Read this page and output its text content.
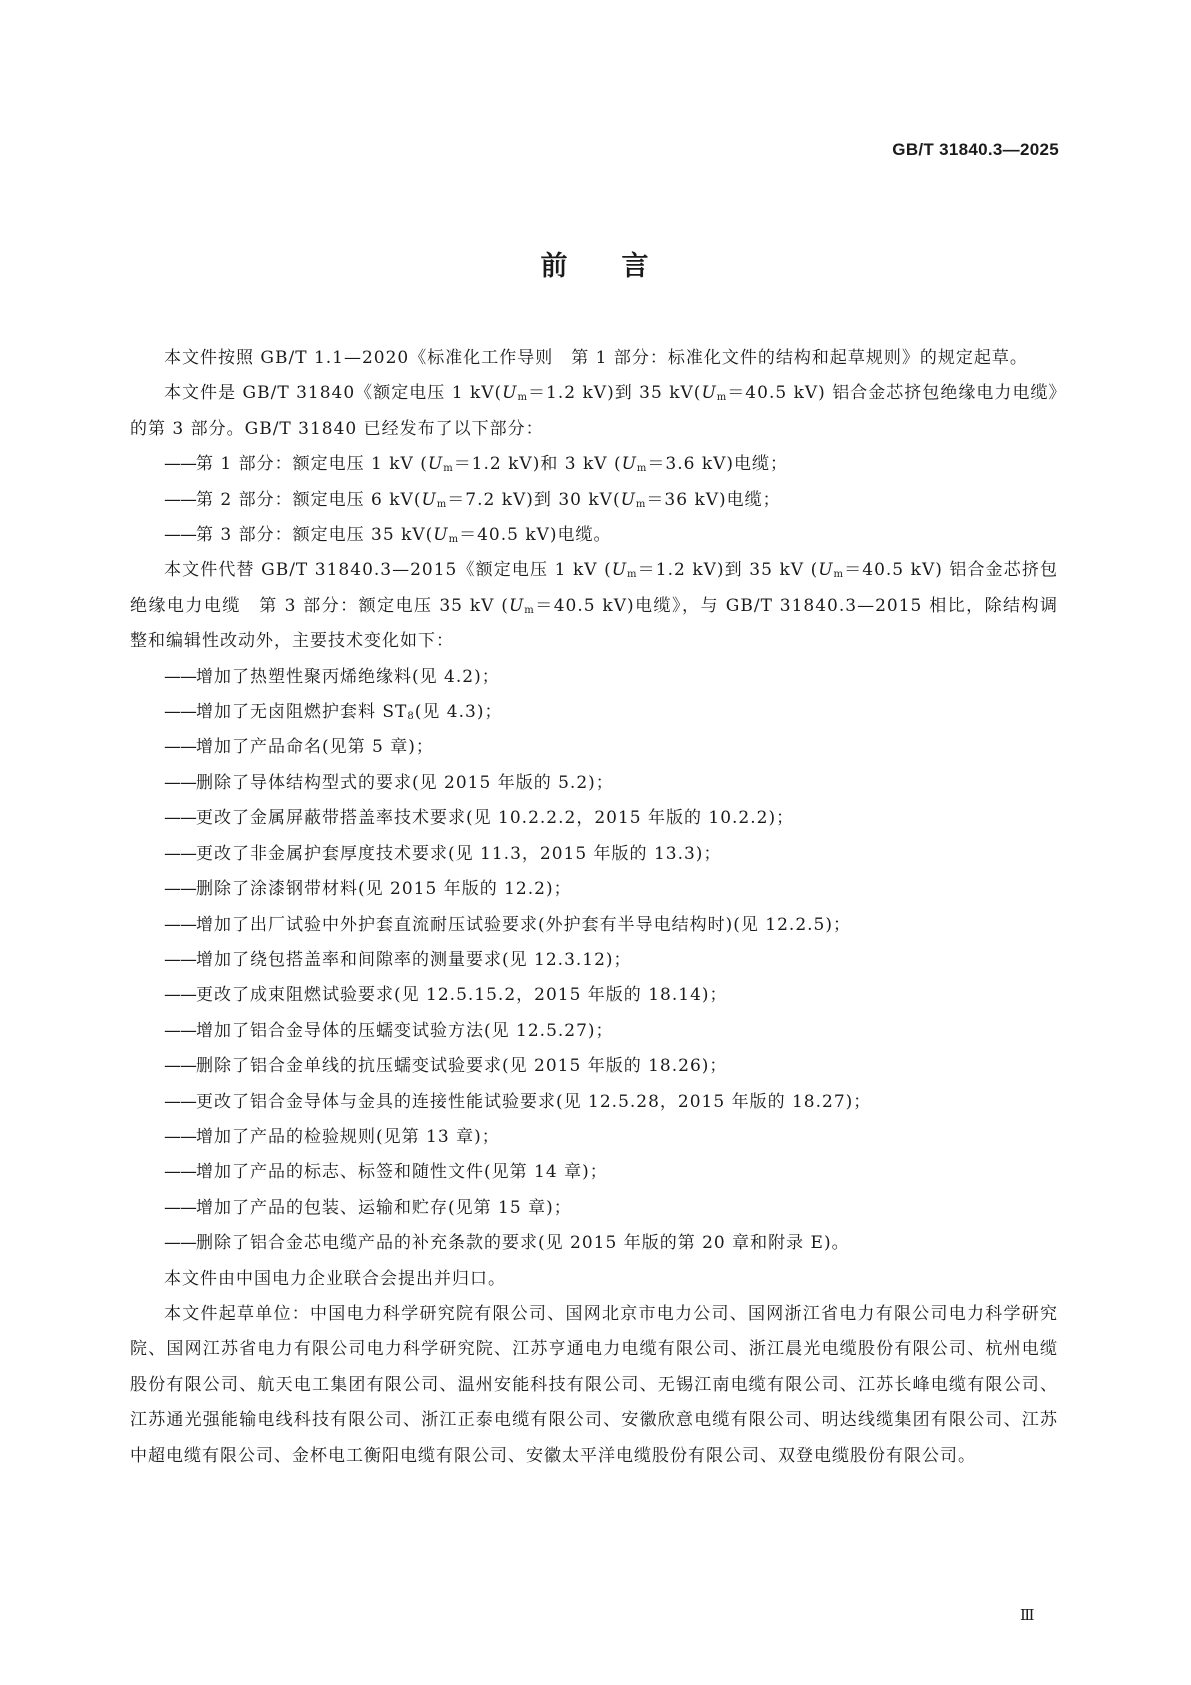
GB/T 31840.3—2025
前 言

本文件按照 GB/T 1.1—2020《标准化工作导则　第 1 部分：标准化文件的结构和起草规则》的规定起草。

本文件是 GB/T 31840《额定电压 1 $kV(U_m=1.2$ kV)到 35 $kV(U_m=40.5$ kV) 铝合金芯挤包绝缘电力电缆》的第 3 部分。GB/T 31840 已经发布了以下部分：

——第 1 部分：额定电压 1 kV ($U_m=1.2$ kV)和 3 kV ($U_m=3.6$ kV)电缆；

——第 2 部分：额定电压 6 $kV(U_m=7.2$ kV)到 30 $kV(U_m=36$ kV)电缆；

——第 3 部分：额定电压 35 $kV(U_m=40.5$ kV)电缆。

本文件代替 GB/T 31840.3—2015《额定电压 1 kV ($U_m=1.2$ kV)到 35 kV ($U_m=40.5$ kV) 铝合金芯挤包绝缘电力电缆　第 3 部分：额定电压 35 kV ($U_m=40.5$ kV)电缆》，与 GB/T 31840.3—2015 相比，除结构调整和编辑性改动外，主要技术变化如下：

——增加了热塑性聚丙烯绝缘料(见 4.2)；

——增加了无卤阻燃护套料 $ST_8$(见 4.3)；

——增加了产品命名(见第 5 章)；

——删除了导体结构型式的要求(见 2015 年版的 5.2)；

——更改了金属屏蔽带搭盖率技术要求(见 10.2.2.2，2015 年版的 10.2.2)；

——更改了非金属护套厚度技术要求(见 11.3，2015 年版的 13.3)；

——删除了涂漆钢带材料(见 2015 年版的 12.2)；

——增加了出厂试验中外护套直流耐压试验要求(外护套有半导电结构时)(见 12.2.5)；

——增加了绕包搭盖率和间隙率的测量要求(见 12.3.12)；

——更改了成束阻燃试验要求(见 12.5.15.2，2015 年版的 18.14)；

——增加了铝合金导体的压蠕变试验方法(见 12.5.27)；

——删除了铝合金单线的抗压蠕变试验要求(见 2015 年版的 18.26)；

——更改了铝合金导体与金具的连接性能试验要求(见 12.5.28，2015 年版的 18.27)；

——增加了产品的检验规则(见第 13 章)；

——增加了产品的标志、标签和随性文件(见第 14 章)；

——增加了产品的包装、运输和贮存(见第 15 章)；

——删除了铝合金芯电缆产品的补充条款的要求(见 2015 年版的第 20 章和附录 E)。

本文件由中国电力企业联合会提出并归口。

本文件起草单位：中国电力科学研究院有限公司、国网北京市电力公司、国网浙江省电力有限公司电力科学研究院、国网江苏省电力有限公司电力科学研究院、江苏亨通电力电缆有限公司、浙江晨光电缆股份有限公司、杭州电缆股份有限公司、航天电工集团有限公司、温州安能科技有限公司、无锡江南电缆有限公司、江苏长峰电缆有限公司、江苏通光强能输电线科技有限公司、浙江正泰电缆有限公司、安徽欣意电缆有限公司、明达线缆集团有限公司、江苏中超电缆有限公司、金杯电工衡阳电缆有限公司、安徽太平洋电缆股份有限公司、双登电缆股份有限公司。

Ⅲ
